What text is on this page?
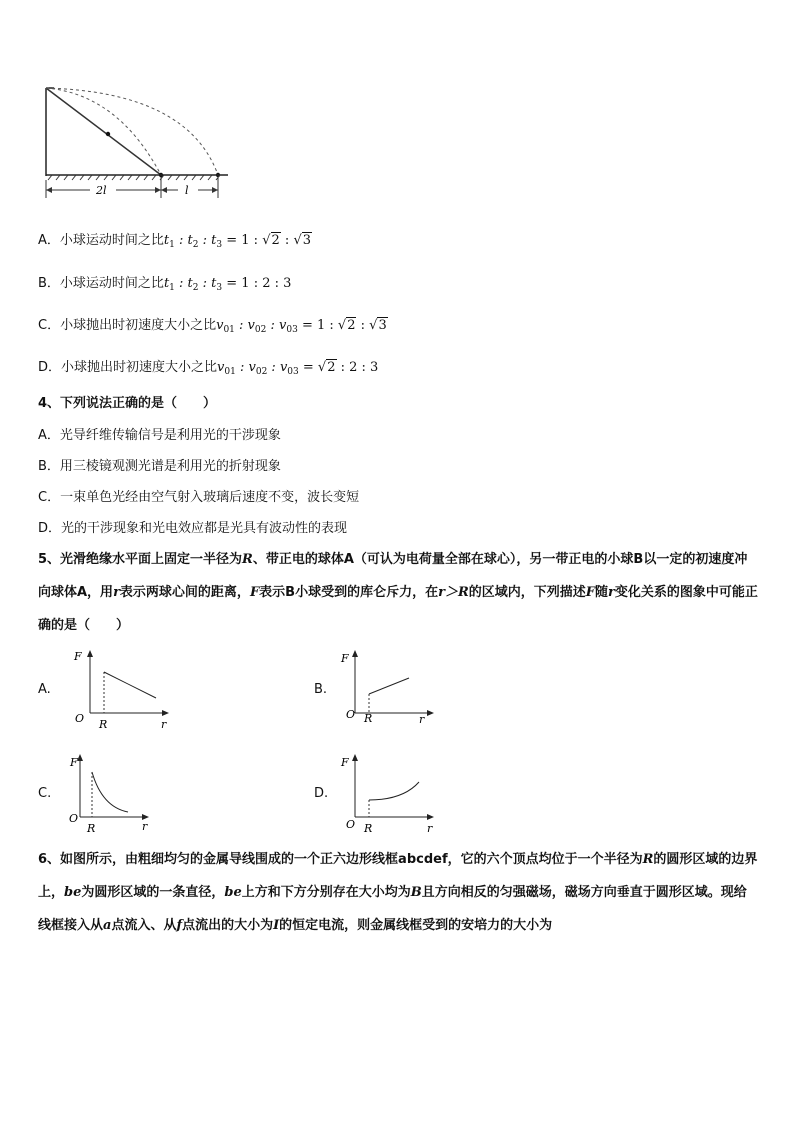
2l	l
A．小球运动时间之比$t_1$ : $t_2$ : $t_3 = 1$ : √2 : √3
B．小球运动时间之比$t_1$ : $t_2$ : $t_3 = 1$ : 2 : 3
C．小球抛出时初速度大小之比$v_{01}$ : $v_{02}$ : $v_{03} = 1$ : √2 : √3
D．小球抛出时初速度大小之比$v_{01}$ : $v_{02}$ : $v_{03} = √2$ : 2 : 3
4、下列说法正确的是（　　）
A．光导纤维传输信号是利用光的干涉现象
B．用三棱镜观测光谱是利用光的折射现象
C．一束单色光经由空气射入玻璃后速度不变，波长变短
D．光的干涉现象和光电效应都是光具有波动性的表现
5、光滑绝缘水平面上固定一半径为R、带正电的球体A（可认为电荷量全部在球心），另一带正电的小球B以一定的初速度冲向球体A，用r表示两球心间的距离，F表示B小球受到的库仑斥力，在r＞R的区域内，下列描述F随r变化关系的图象中可能正确的是（　　）
A.	B.
C.	D.
F
O R	r
F
O R	r
F
O
R	r
F
O R	r
6、如图所示，由粗细均匀的金属导线围成的一个正六边形线框abcdef，它的六个顶点均位于一个半径为R的圆形区域的边界上，be为圆形区域的一条直径，be上方和下方分别存在大小均为B且方向相反的匀强磁场，磁场方向垂直于圆形区域。现给线框接入从a点流入、从f点流出的大小为I的恒定电流，则金属线框受到的安培力的大小为
